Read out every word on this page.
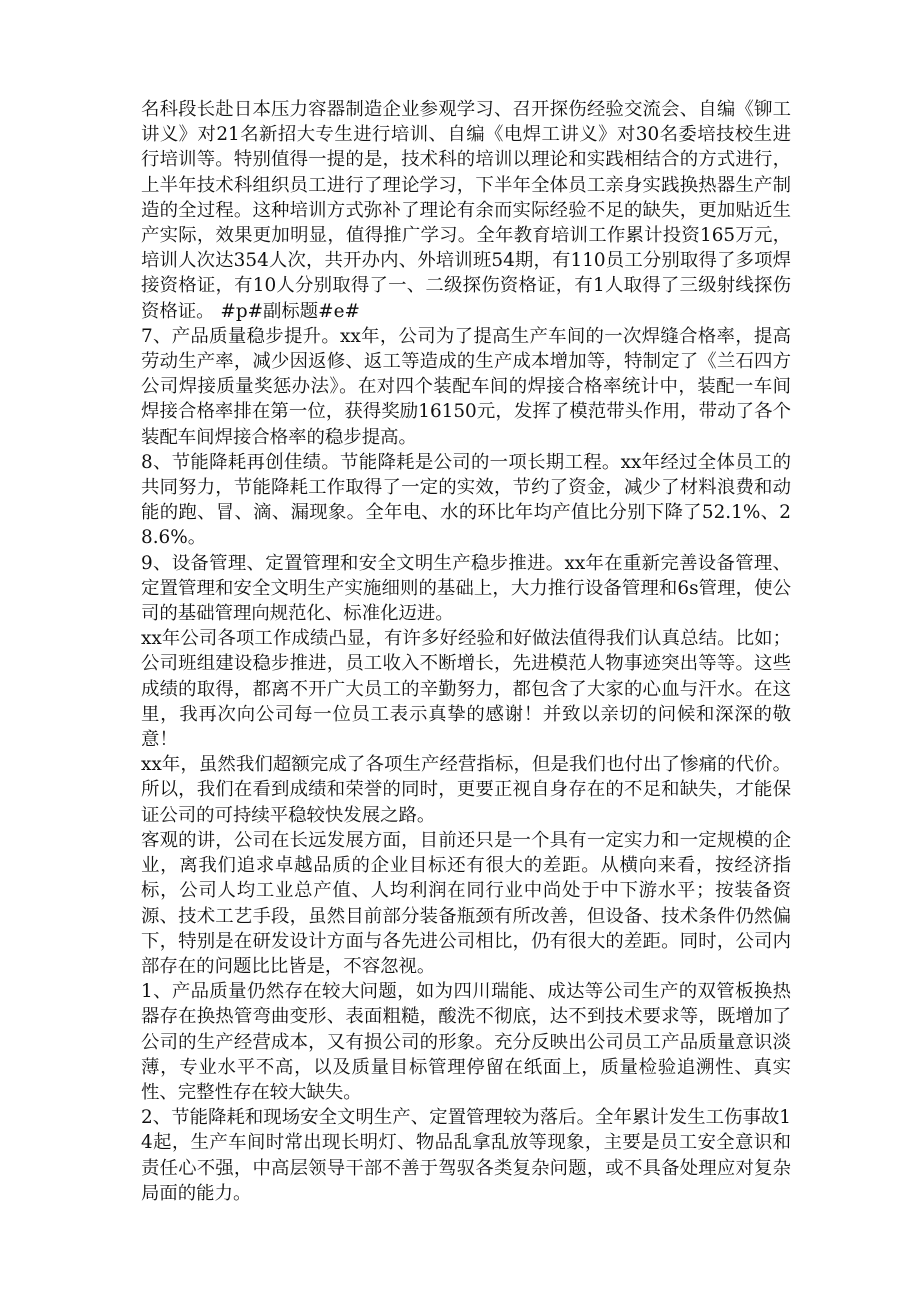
名科段长赴日本压力容器制造企业参观学习、召开探伤经验交流会、自编《铆工讲义》对21名新招大专生进行培训、自编《电焊工讲义》对30名委培技校生进行培训等。特别值得一提的是，技术科的培训以理论和实践相结合的方式进行，上半年技术科组织员工进行了理论学习，下半年全体员工亲身实践换热器生产制造的全过程。这种培训方式弥补了理论有余而实际经验不足的缺失，更加贴近生产实际，效果更加明显，值得推广学习。全年教育培训工作累计投资165万元，培训人次达354人次，共开办内、外培训班54期，有110员工分别取得了多项焊接资格证，有10人分别取得了一、二级探伤资格证，有1人取得了三级射线探伤资格证。 #p#副标题#e#

7、产品质量稳步提升。xx年，公司为了提高生产车间的一次焊缝合格率，提高劳动生产率，减少因返修、返工等造成的生产成本增加等，特制定了《兰石四方公司焊接质量奖惩办法》。在对四个装配车间的焊接合格率统计中，装配一车间焊接合格率排在第一位，获得奖励16150元，发挥了模范带头作用，带动了各个装配车间焊接合格率的稳步提高。

8、节能降耗再创佳绩。节能降耗是公司的一项长期工程。xx年经过全体员工的共同努力，节能降耗工作取得了一定的实效，节约了资金，减少了材料浪费和动能的跑、冒、滴、漏现象。全年电、水的环比年均产值比分别下降了52.1%、28.6%。

9、设备管理、定置管理和安全文明生产稳步推进。xx年在重新完善设备管理、定置管理和安全文明生产实施细则的基础上，大力推行设备管理和6s管理，使公司的基础管理向规范化、标准化迈进。

xx年公司各项工作成绩凸显，有许多好经验和好做法值得我们认真总结。比如；公司班组建设稳步推进，员工收入不断增长，先进模范人物事迹突出等等。这些成绩的取得，都离不开广大员工的辛勤努力，都包含了大家的心血与汗水。在这里，我再次向公司每一位员工表示真挚的感谢！并致以亲切的问候和深深的敬意！

xx年，虽然我们超额完成了各项生产经营指标，但是我们也付出了惨痛的代价。所以，我们在看到成绩和荣誉的同时，更要正视自身存在的不足和缺失，才能保证公司的可持续平稳较快发展之路。

客观的讲，公司在长远发展方面，目前还只是一个具有一定实力和一定规模的企业，离我们追求卓越品质的企业目标还有很大的差距。从横向来看，按经济指标，公司人均工业总产值、人均利润在同行业中尚处于中下游水平；按装备资源、技术工艺手段，虽然目前部分装备瓶颈有所改善，但设备、技术条件仍然偏下，特别是在研发设计方面与各先进公司相比，仍有很大的差距。同时，公司内部存在的问题比比皆是，不容忽视。

1、产品质量仍然存在较大问题，如为四川瑞能、成达等公司生产的双管板换热器存在换热管弯曲变形、表面粗糙，酸洗不彻底，达不到技术要求等，既增加了公司的生产经营成本，又有损公司的形象。充分反映出公司员工产品质量意识淡薄，专业水平不高，以及质量目标管理停留在纸面上，质量检验追溯性、真实性、完整性存在较大缺失。

2、节能降耗和现场安全文明生产、定置管理较为落后。全年累计发生工伤事故14起，生产车间时常出现长明灯、物品乱拿乱放等现象，主要是员工安全意识和责任心不强，中高层领导干部不善于驾驭各类复杂问题，或不具备处理应对复杂局面的能力。
